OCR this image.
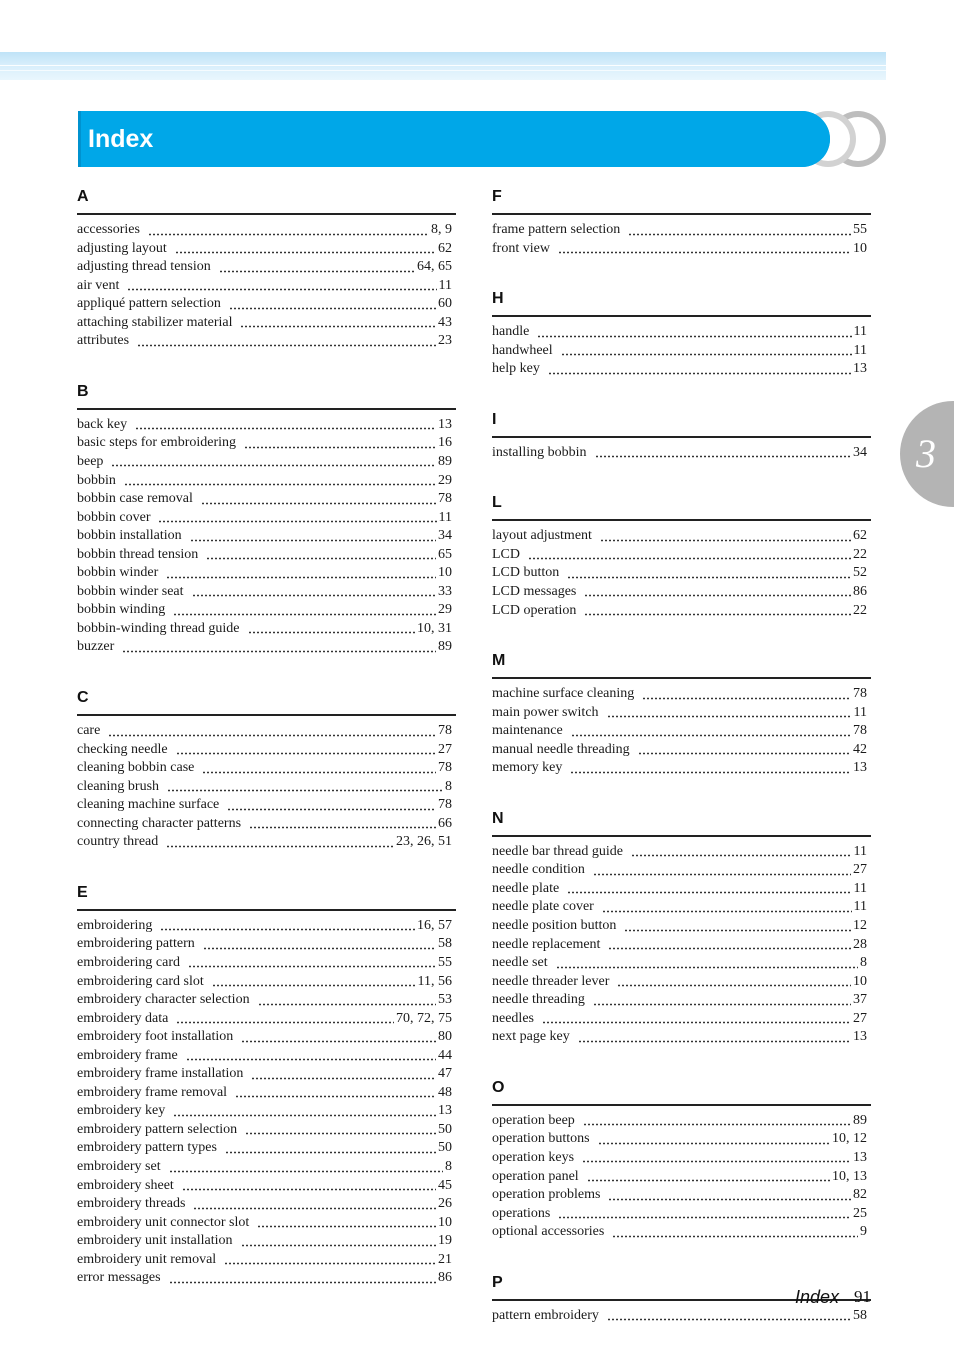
Index
3
A
accessories	8, 9
adjusting layout	62
adjusting thread tension	64, 65
air vent	11
appliqué pattern selection	60
attaching stabilizer material	43
attributes	23
B
back key	13
basic steps for embroidering	16
beep	89
bobbin	29
bobbin case removal	78
bobbin cover	11
bobbin installation	34
bobbin thread tension	65
bobbin winder	10
bobbin winder seat	33
bobbin winding	29
bobbin-winding thread guide	10, 31
buzzer	89
C
care	78
checking needle	27
cleaning bobbin case	78
cleaning brush	8
cleaning machine surface	78
connecting character patterns	66
country thread	23, 26, 51
E
embroidering	16, 57
embroidering pattern	58
embroidering card	55
embroidering card slot	11, 56
embroidery character selection	53
embroidery data	70, 72, 75
embroidery foot installation	80
embroidery frame	44
embroidery frame installation	47
embroidery frame removal	48
embroidery key	13
embroidery pattern selection	50
embroidery pattern types	50
embroidery set	8
embroidery sheet	45
embroidery threads	26
embroidery unit connector slot	10
embroidery unit installation	19
embroidery unit removal	21
error messages	86
F
frame pattern selection	55
front view	10
H
handle	11
handwheel	11
help key	13
I
installing bobbin	34
L
layout adjustment	62
LCD	22
LCD button	52
LCD messages	86
LCD operation	22
M
machine surface cleaning	78
main power switch	11
maintenance	78
manual needle threading	42
memory key	13
N
needle bar thread guide	11
needle condition	27
needle plate	11
needle plate cover	11
needle position button	12
needle replacement	28
needle set	8
needle threader lever	10
needle threading	37
needles	27
next page key	13
O
operation beep	89
operation buttons	10, 12
operation keys	13
operation panel	10, 13
operation problems	82
operations	25
optional accessories	9
P
pattern embroidery	58
Index 91
